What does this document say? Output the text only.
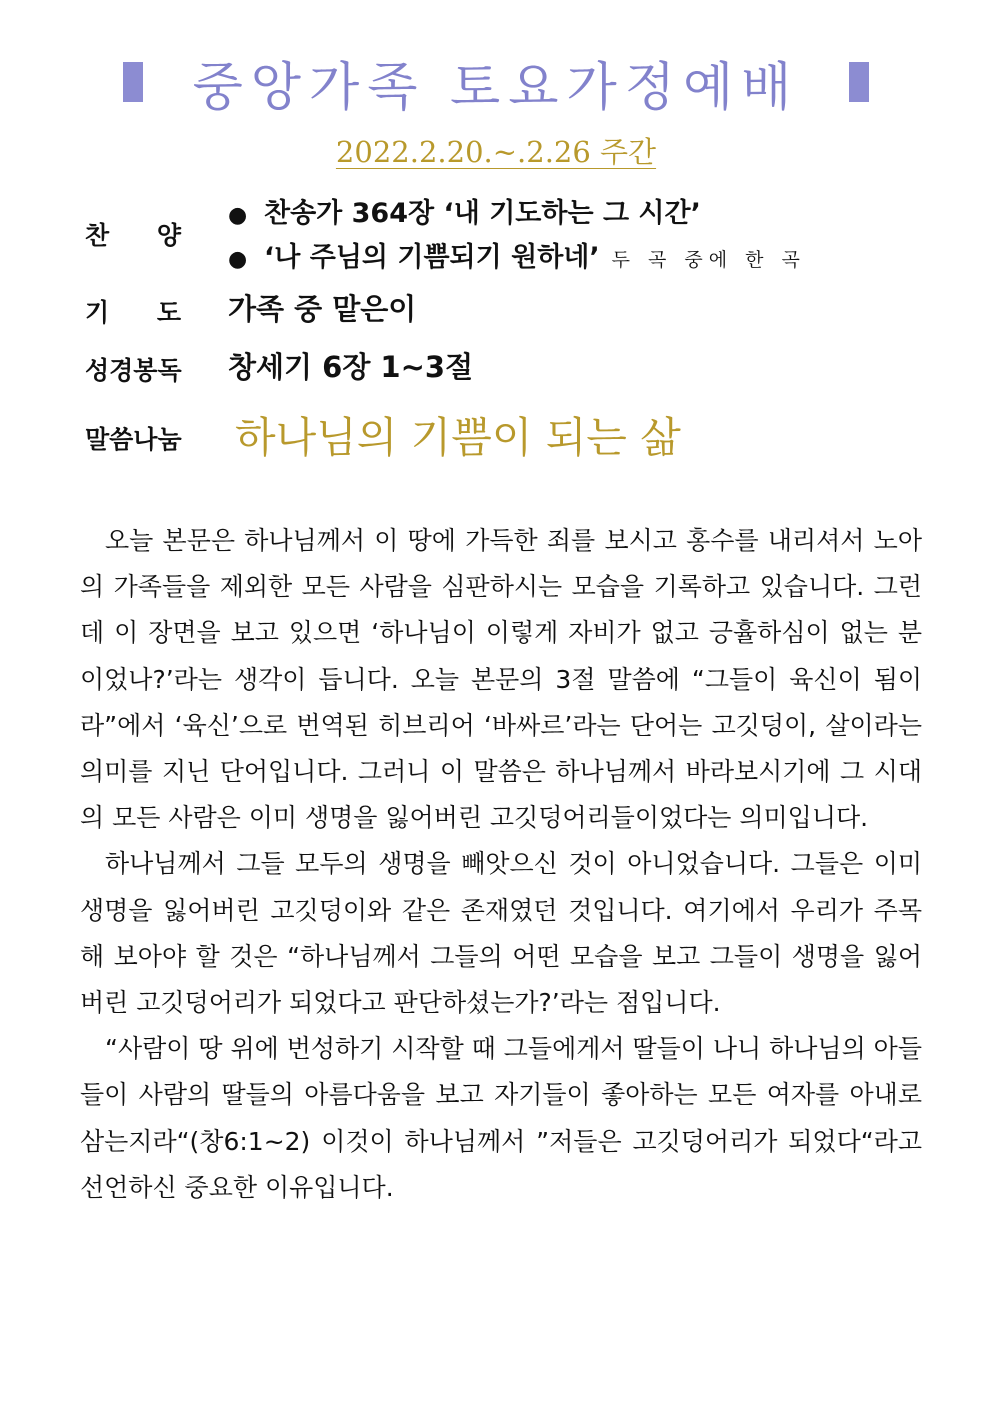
중앙가족 토요가정예배
2022.2.20.~.2.26 주간
찬 양
● 찬송가 364장 ‘내 기도하는 그 시간’
● ‘나 주님의 기쁨되기 원하네’ 두 곡 중에 한 곡
기 도 가족 중 맡은이
성경봉독 창세기 6장 1~3절
말씀나눔 하나님의 기쁨이 되는 삶

오늘 본문은 하나님께서 이 땅에 가득한 죄를 보시고 홍수를 내리셔서 노아의 가족들을 제외한 모든 사람을 심판하시는 모습을 기록하고 있습니다. 그런데 이 장면을 보고 있으면 ‘하나님이 이렇게 자비가 없고 긍휼하심이 없는 분이었나?’라는 생각이 듭니다. 오늘 본문의 3절 말씀에 “그들이 육신이 됨이라”에서 ‘육신’으로 번역된 히브리어 ‘바싸르’라는 단어는 고깃덩이, 살이라는 의미를 지닌 단어입니다. 그러니 이 말씀은 하나님께서 바라보시기에 그 시대의 모든 사람은 이미 생명을 잃어버린 고깃덩어리들이었다는 의미입니다.

하나님께서 그들 모두의 생명을 빼앗으신 것이 아니었습니다. 그들은 이미 생명을 잃어버린 고깃덩이와 같은 존재였던 것입니다. 여기에서 우리가 주목해 보아야 할 것은 “하나님께서 그들의 어떤 모습을 보고 그들이 생명을 잃어버린 고깃덩어리가 되었다고 판단하셨는가?’라는 점입니다.

“사람이 땅 위에 번성하기 시작할 때 그들에게서 딸들이 나니 하나님의 아들들이 사람의 딸들의 아름다움을 보고 자기들이 좋아하는 모든 여자를 아내로 삼는지라“(창6:1~2) 이것이 하나님께서 ”저들은 고깃덩어리가 되었다“라고 선언하신 중요한 이유입니다.
